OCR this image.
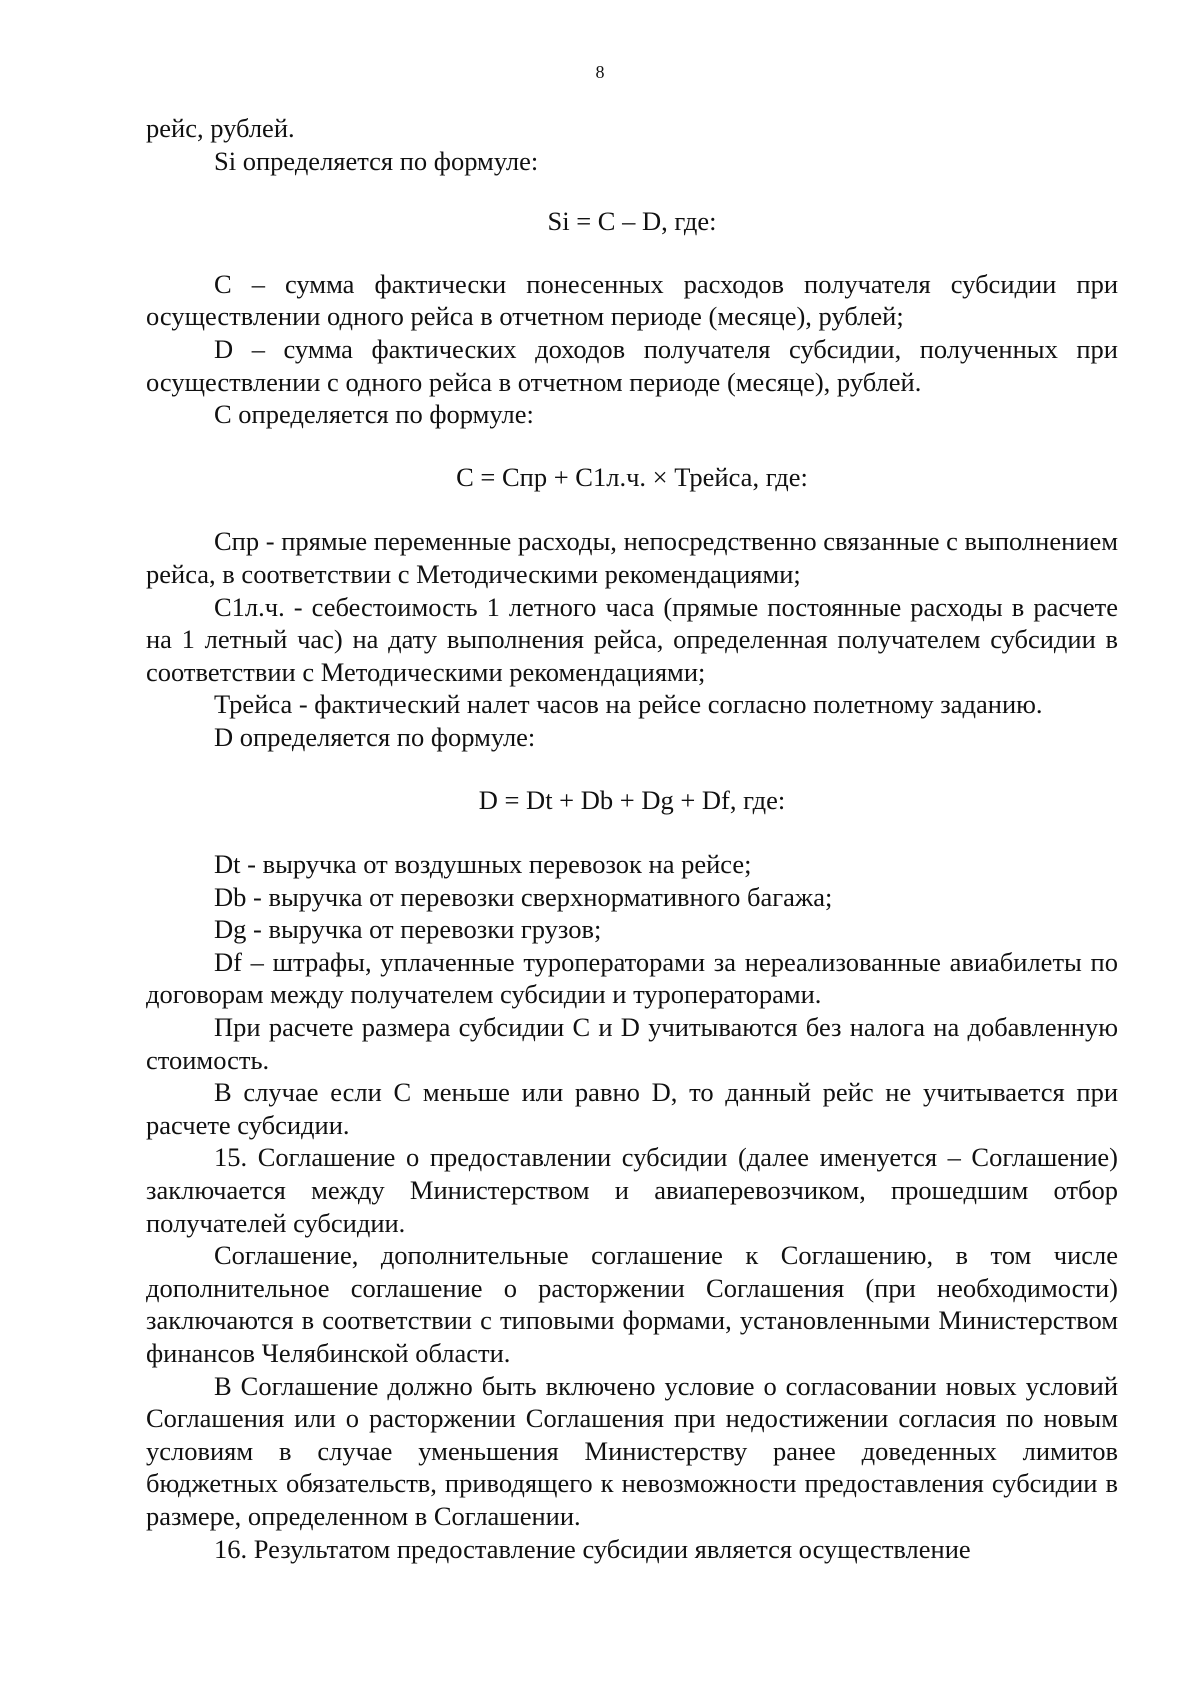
8

рейс, рублей.

Si определяется по формуле:

Si = C – D, где:

C – сумма фактически понесенных расходов получателя субсидии при осуществлении одного рейса в отчетном периоде (месяце), рублей;

D – сумма фактических доходов получателя субсидии, полученных при осуществлении с одного рейса в отчетном периоде (месяце), рублей.

С определяется по формуле:

С = Спр + С1л.ч. × Трейса, где:

Спр - прямые переменные расходы, непосредственно связанные с выполнением рейса, в соответствии с Методическими рекомендациями;

С1л.ч. - себестоимость 1 летного часа (прямые постоянные расходы в расчете на 1 летный час) на дату выполнения рейса, определенная получателем субсидии в соответствии с Методическими рекомендациями;

Трейса - фактический налет часов на рейсе согласно полетному заданию.

D определяется по формуле:

D = Dt + Db + Dg + Df, где:

Dt - выручка от воздушных перевозок на рейсе;

Db - выручка от перевозки сверхнормативного багажа;

Dg - выручка от перевозки грузов;

Df – штрафы, уплаченные туроператорами за нереализованные авиабилеты по договорам между получателем субсидии и туроператорами.

При расчете размера субсидии C и D учитываются без налога на добавленную стоимость.

В случае если C меньше или равно D, то данный рейс не учитывается при расчете субсидии.

15. Соглашение о предоставлении субсидии (далее именуется – Соглашение) заключается между Министерством и авиаперевозчиком, прошедшим отбор получателей субсидии.

Соглашение, дополнительные соглашение к Соглашению, в том числе дополнительное соглашение о расторжении Соглашения (при необходимости) заключаются в соответствии с типовыми формами, установленными Министерством финансов Челябинской области.

В Соглашение должно быть включено условие о согласовании новых условий Соглашения или о расторжении Соглашения при недостижении согласия по новым условиям в случае уменьшения Министерству ранее доведенных лимитов бюджетных обязательств, приводящего к невозможности предоставления субсидии в размере, определенном в Соглашении.

16. Результатом предоставление субсидии является осуществление
